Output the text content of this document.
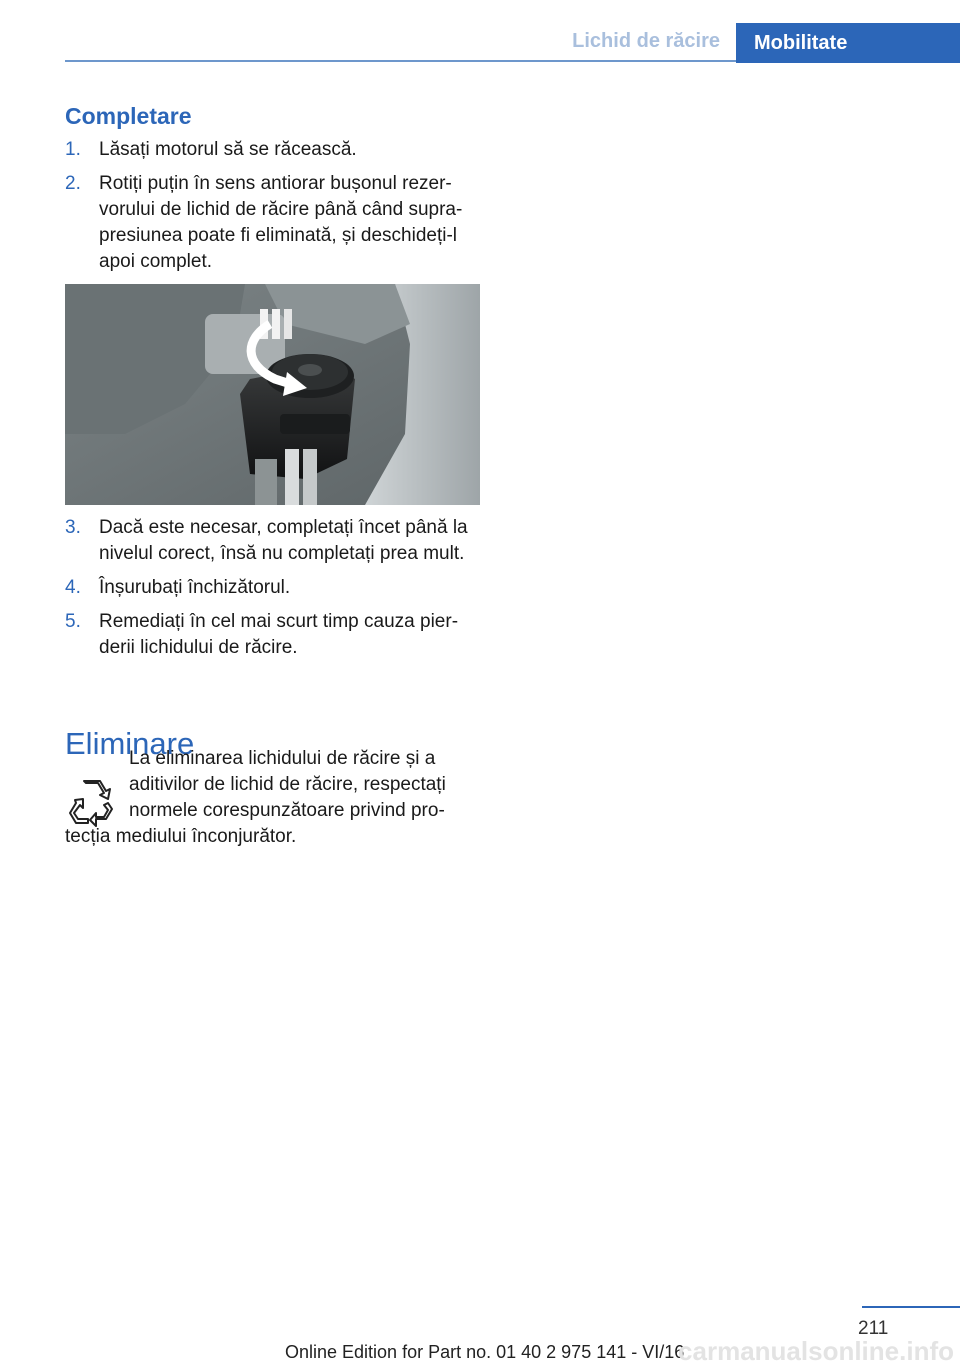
Lichid de răcire	Mobilitate
Completare
1. Lăsați motorul să se răcească.
2. Rotiți puțin în sens antiorar bușonul rezervorului de lichid de răcire până când suprapresiunea poate fi eliminată, și deschideți-l apoi complet.
3. Dacă este necesar, completați încet până la nivelul corect, însă nu completați prea mult.
4. Înșurubați închizătorul.
5. Remediați în cel mai scurt timp cauza pierderii lichidului de răcire.
Eliminare

La eliminarea lichidului de răcire și a aditivilor de lichid de răcire, respectați normele corespunzătoare privind protecția mediului înconjurător.

211
Online Edition for Part no. 01 40 2 975 141 - VI/16
carmanualsonline.info
